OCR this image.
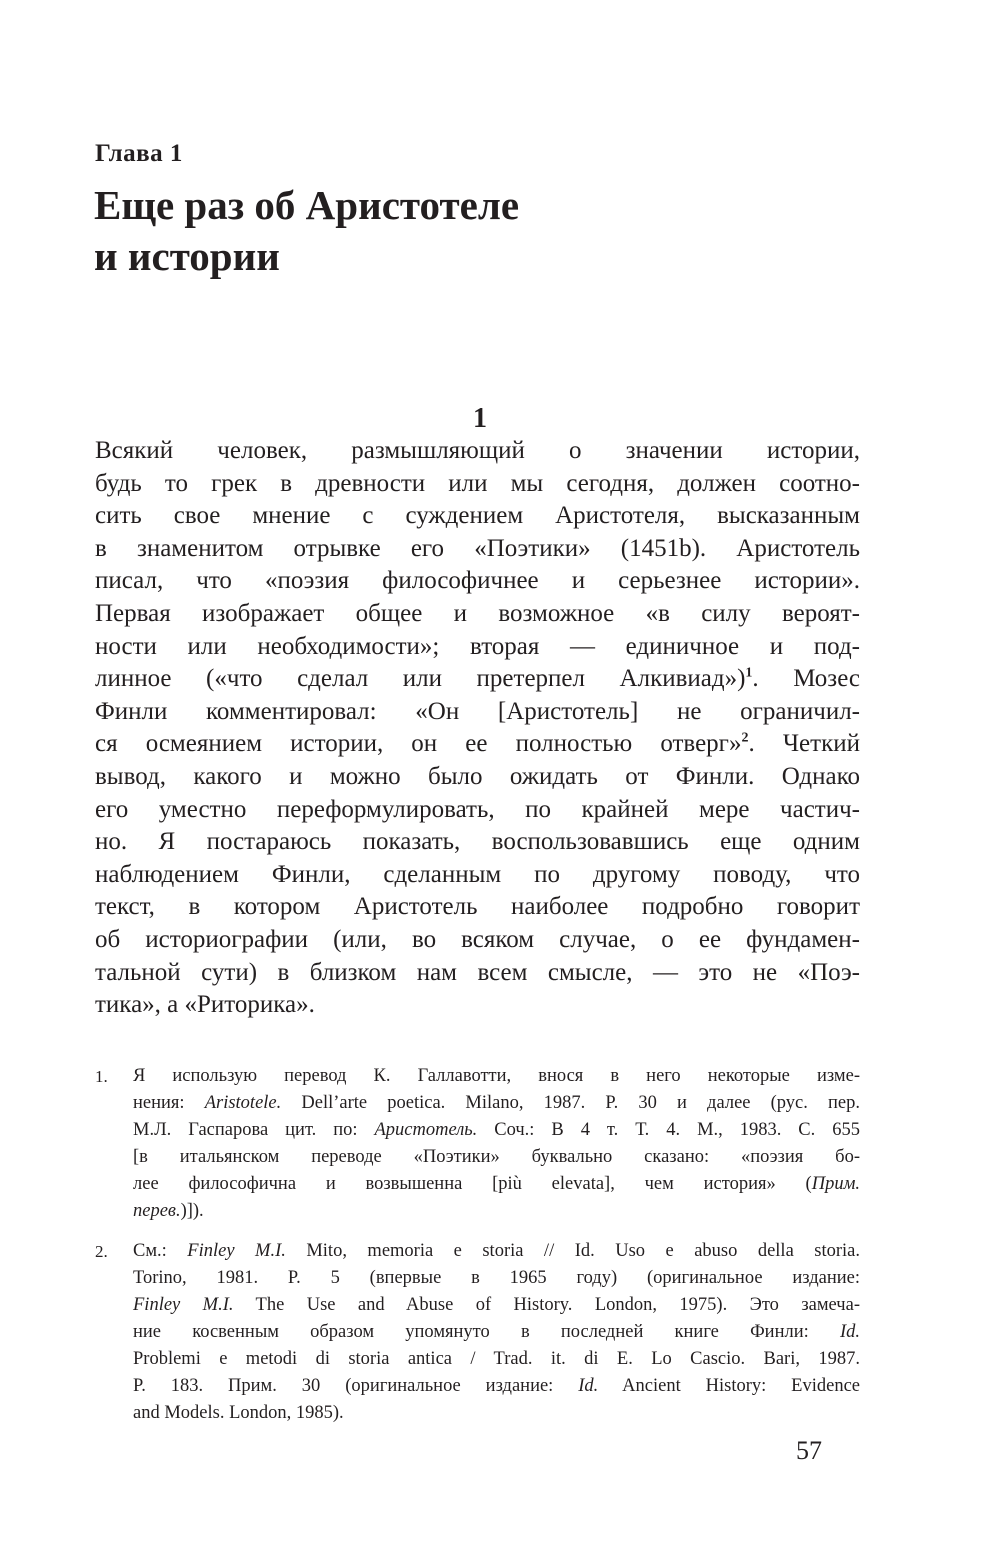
Глава 1
Еще раз об Аристотеле
и истории
1
Всякий человек, размышляющий о значении истории,
будь то грек в древности или мы сегодня, должен соотно-
сить свое мнение с суждением Аристотеля, высказанным
в знаменитом отрывке его «Поэтики» (1451b). Аристотель
писал, что «поэзия философичнее и серьезнее истории».
Первая изображает общее и возможное «в силу вероят-
ности или необходимости»; вторая — единичное и под-
линное («что сделал или претерпел Алкивиад»)$^1$. Мозес
Финли комментировал: «Он [Аристотель] не ограничил-
ся осмеянием истории, он ее полностью отверг»$^2$. Четкий
вывод, какого и можно было ожидать от Финли. Однако
его уместно переформулировать, по крайней мере частич-
но. Я постараюсь показать, воспользовавшись еще одним
наблюдением Финли, сделанным по другому поводу, что
текст, в котором Аристотель наиболее подробно говорит
об историографии (или, во всяком случае, о ее фундамен-
тальной сути) в близком нам всем смысле, — это не «Поэ-
тика», а «Риторика».
1. Я использую перевод К. Галлавотти, внося в него некоторые изме-
нения: Aristotele. Dell’arte poetica. Milano, 1987. P. 30 и далее (рус. пер.
М.Л. Гаспарова цит. по: Аристотель. Соч.: В 4 т. Т. 4. М., 1983. С. 655
[в итальянском переводе «Поэтики» буквально сказано: «поэзия бо-
лее философична и возвышенна [più elevata], чем история» (Прим.
перев.)]).
2. См.: Finley M.I. Mito, memoria e storia // Id. Uso e abuso della storia.
Torino, 1981. P. 5 (впервые в 1965 году) (оригинальное издание:
Finley M.I. The Use and Abuse of History. London, 1975). Это замеча-
ние косвенным образом упомянуто в последней книге Финли: Id.
Problemi e metodi di storia antica / Trad. it. di E. Lo Cascio. Bari, 1987.
P. 183. Прим. 30 (оригинальное издание: Id. Ancient History: Evidence
and Models. London, 1985).
57
